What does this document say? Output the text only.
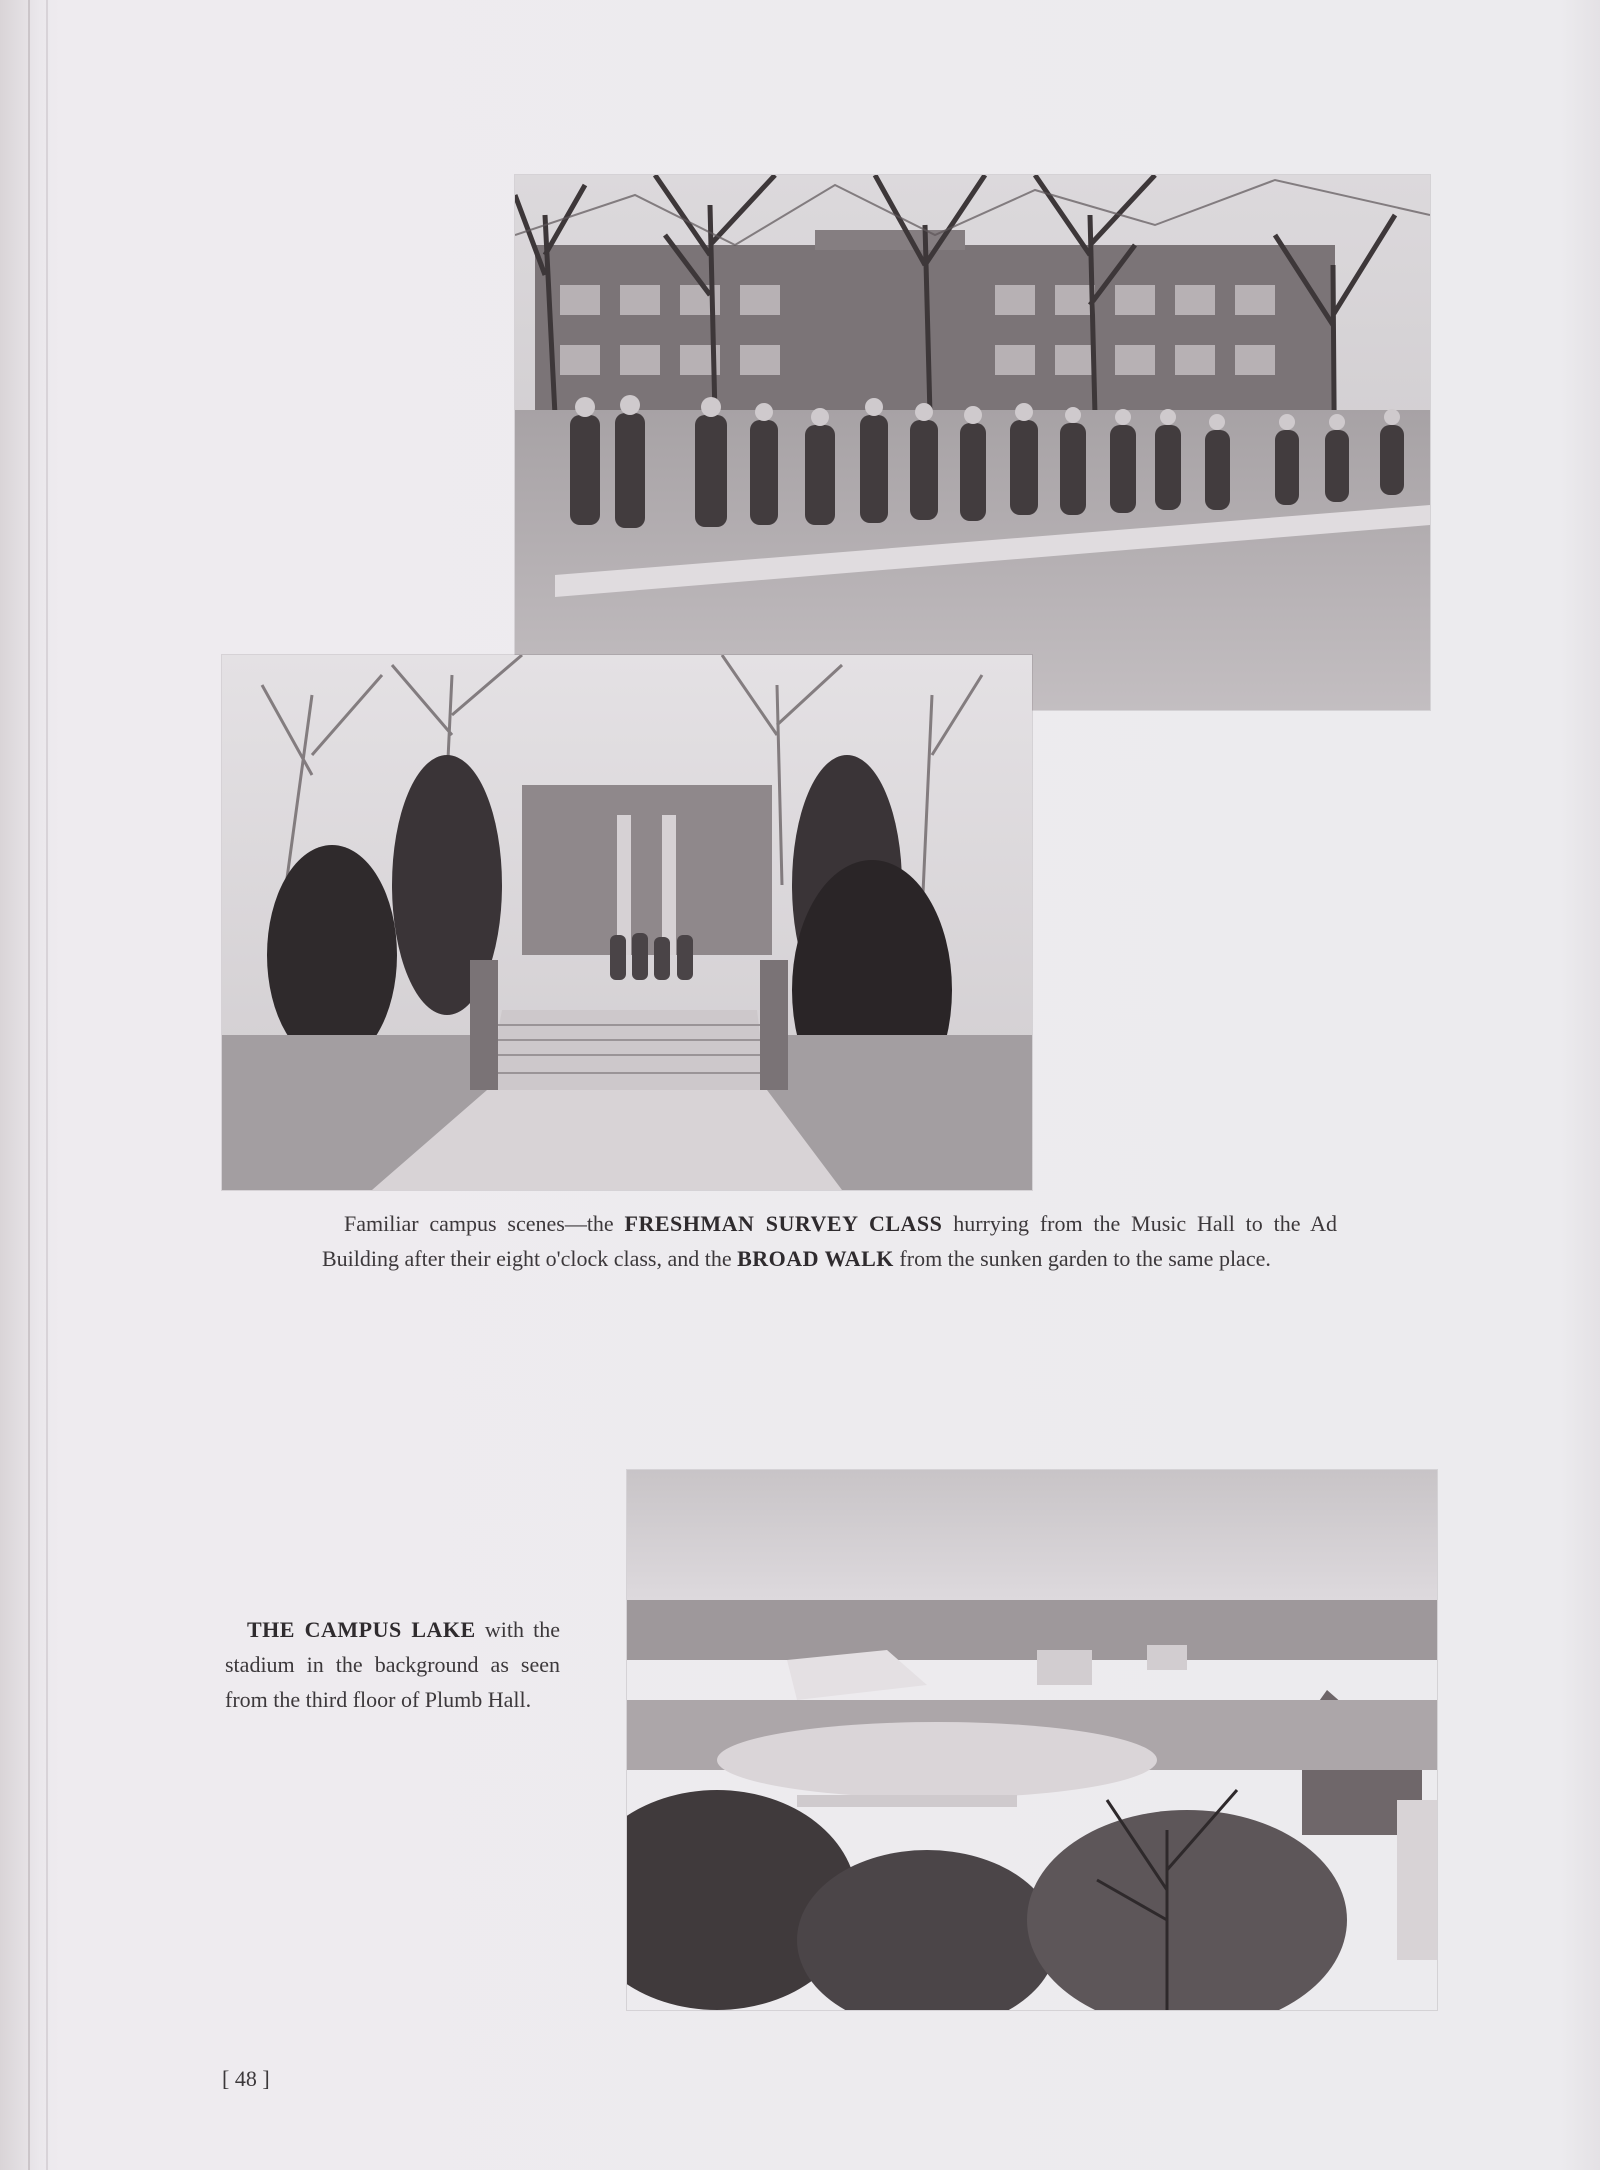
Familiar campus scenes—the FRESHMAN SURVEY CLASS hurrying from the Music Hall to the Ad Building after their eight o'clock class, and the BROAD WALK from the sunken garden to the same place.
THE CAMPUS LAKE with the stadium in the background as seen from the third floor of Plumb Hall.
[ 48 ]
